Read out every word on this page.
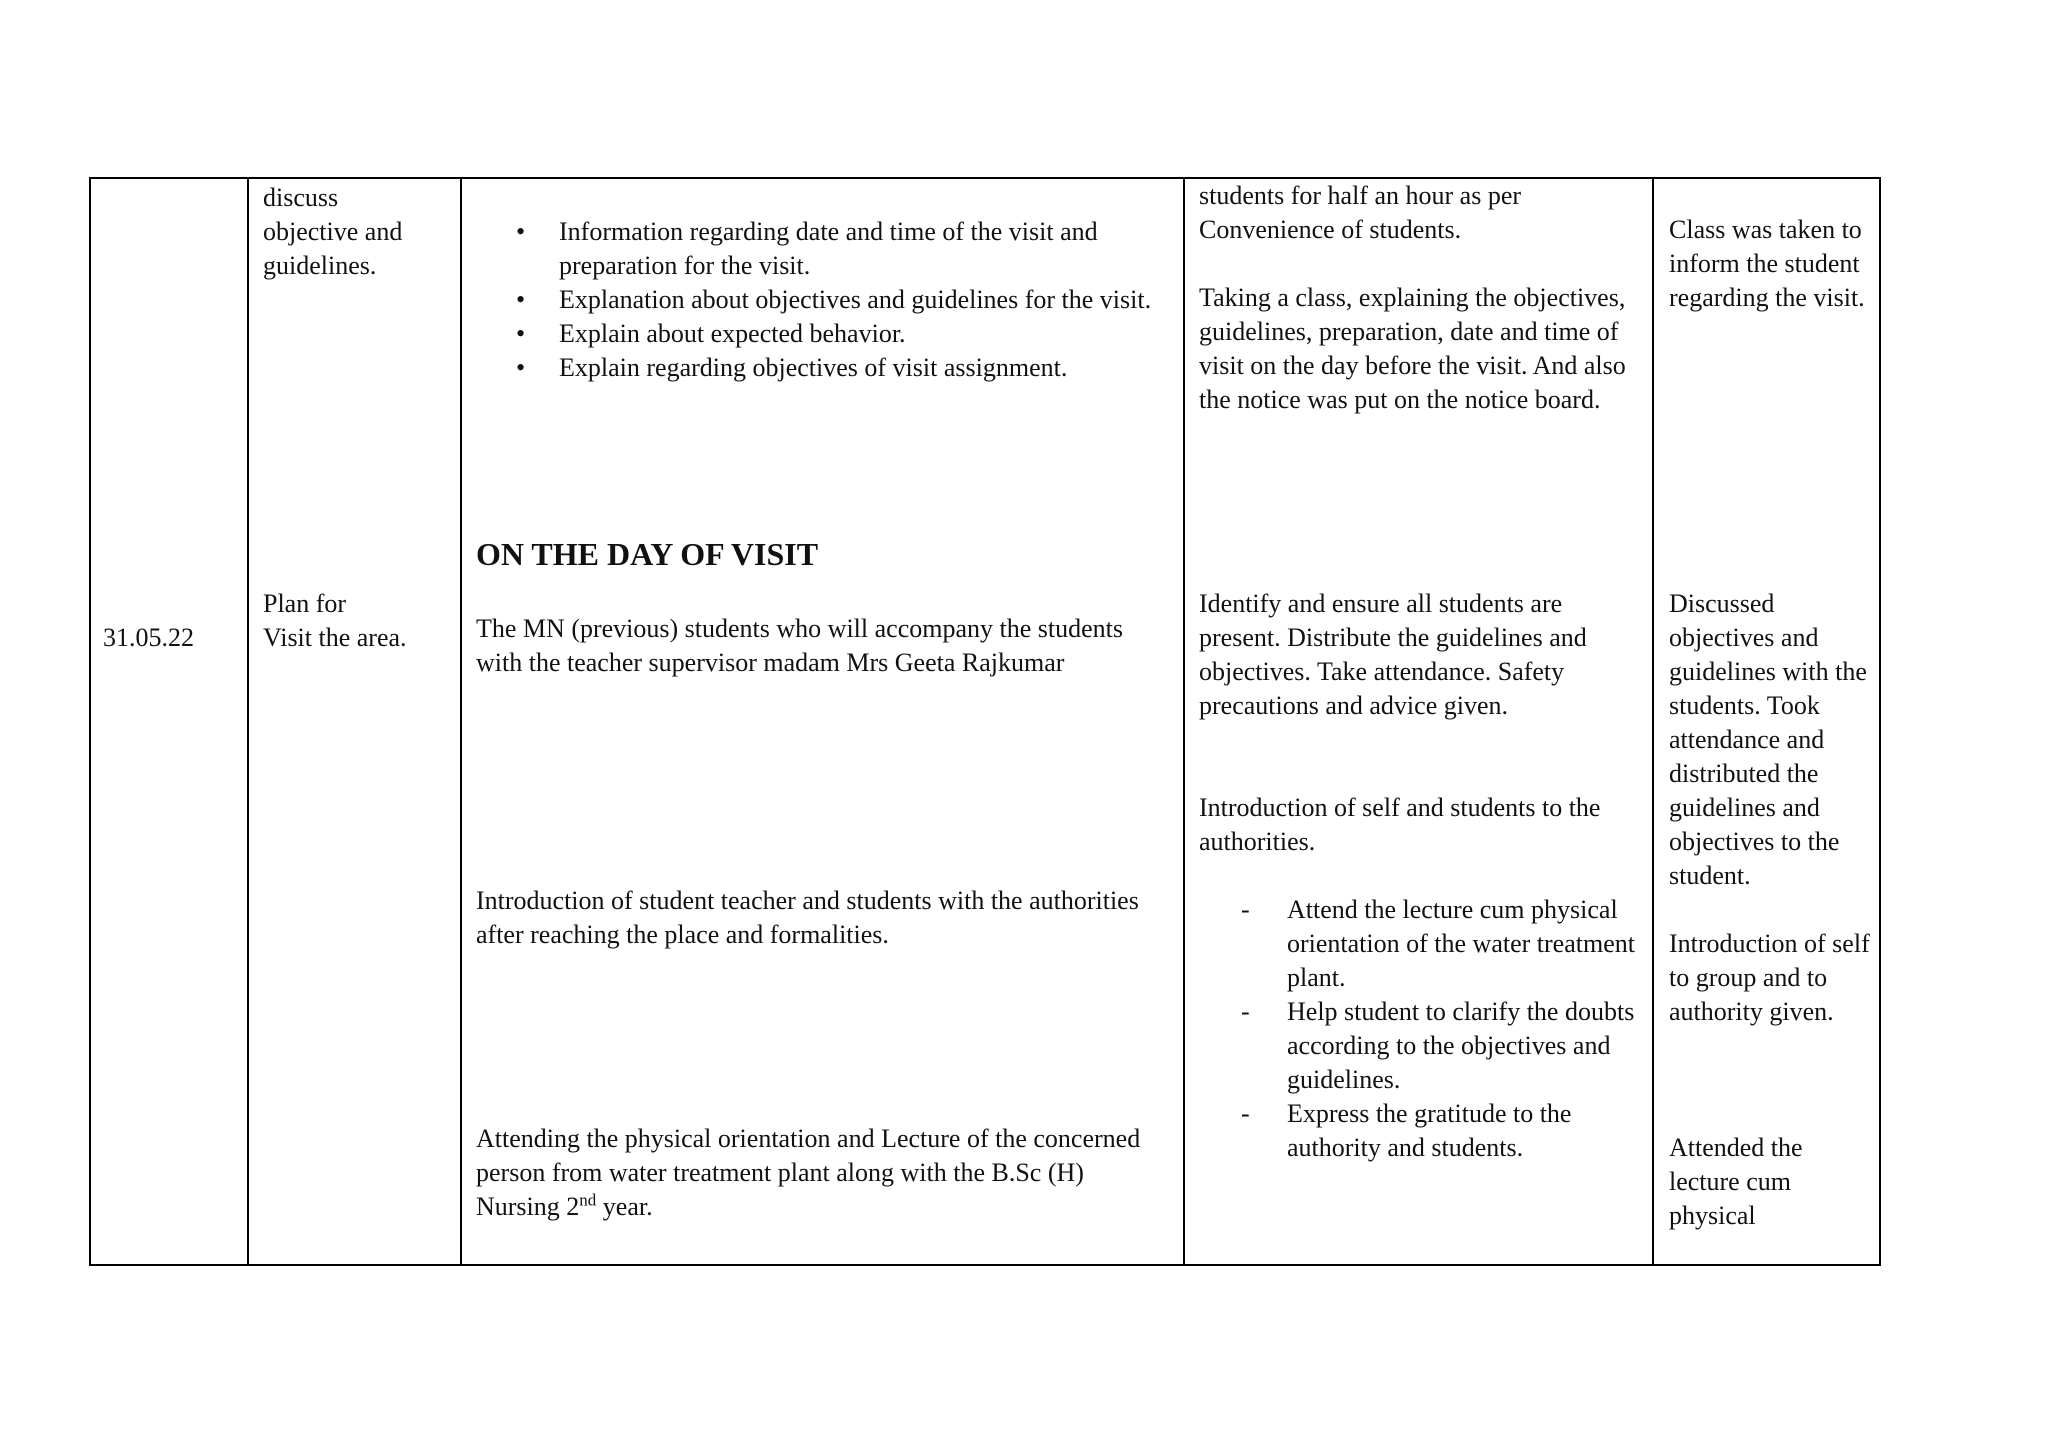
31.05.22

discuss
objective and
guidelines.
Plan for
Visit the area.
• Information regarding date and time of the visit and preparation for the visit.
• Explanation about objectives and guidelines for the visit.
• Explain about expected behavior.
• Explain regarding objectives of visit assignment.

ON THE DAY OF VISIT

The MN (previous) students who will accompany the students with the teacher supervisor madam Mrs Geeta Rajkumar

Introduction of student teacher and students with the authorities after reaching the place and formalities.

Attending the physical orientation and Lecture of the concerned person from water treatment plant along with the B.Sc (H) Nursing 2nd year.

students for half an hour as per Convenience of students.

Taking a class, explaining the objectives, guidelines, preparation, date and time of visit on the day before the visit. And also the notice was put on the notice board.

Identify and ensure all students are present. Distribute the guidelines and objectives. Take attendance. Safety precautions and advice given.

Introduction of self and students to the authorities.

- Attend the lecture cum physical orientation of the water treatment plant.
- Help student to clarify the doubts according to the objectives and guidelines.
- Express the gratitude to the authority and students.

Class was taken to inform the student regarding the visit.

Discussed objectives and guidelines with the students. Took attendance and distributed the guidelines and objectives to the student.

Introduction of self to group and to authority given.

Attended the lecture cum physical
